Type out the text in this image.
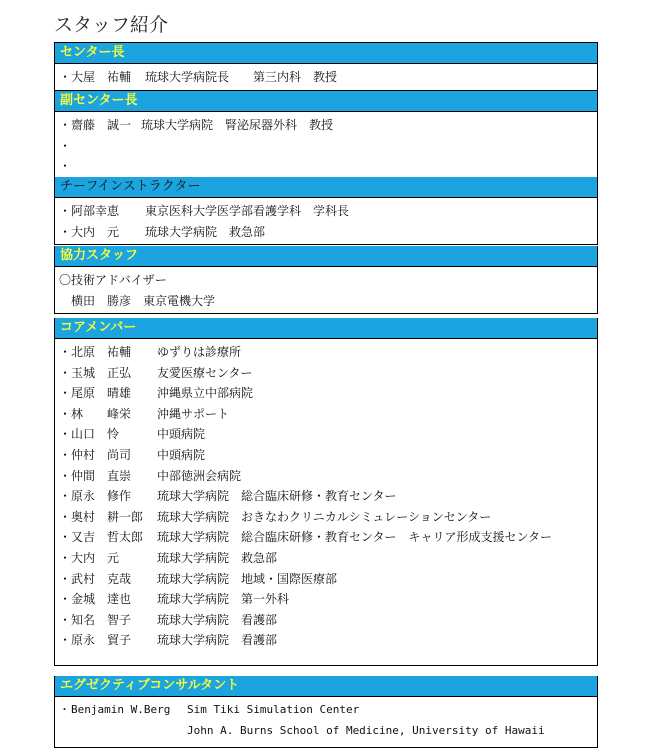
スタッフ紹介
センター長
・ 大屋　祐輔 琉球大学病院長 第三内科　教授
副センター長
・ 齋藤　誠一 琉球大学病院　腎泌尿器外科　教授
・
・
チーフインストラクター
・ 阿部幸恵 東京医科大学医学部看護学科　学科長
・ 大内　元 琉球大学病院　救急部
協力スタッフ
〇技術アドバイザー
　横田　勝彦　東京電機大学
コアメンバー
・ 北原　祐輔 ゆずりは診療所
・ 玉城　正弘 友愛医療センター
・ 尾原　晴雄 沖縄県立中部病院
・ 林　　峰栄 沖縄サポート
・ 山口　怜	中頭病院
・ 仲村　尚司 中頭病院
・ 仲間　直崇 中部徳洲会病院
・ 原永　修作 琉球大学病院　総合臨床研修・教育センター
・ 奥村　耕一郎 琉球大学病院　おきなわクリニカルシミュレーションセンター
・ 又吉　哲太郎 琉球大学病院　総合臨床研修・教育センター　キャリア形成支援センター
・ 大内　元	琉球大学病院　救急部
・ 武村　克哉 琉球大学病院　地域・国際医療部
・ 金城　達也 琉球大学病院　第一外科
・ 知名　智子 琉球大学病院　看護部
・ 原永　貿子 琉球大学病院　看護部
エグゼクティブコンサルタント
・ Benjamin W.Berg Sim Tiki Simulation Center
John A. Burns School of Medicine, University of Hawaii
